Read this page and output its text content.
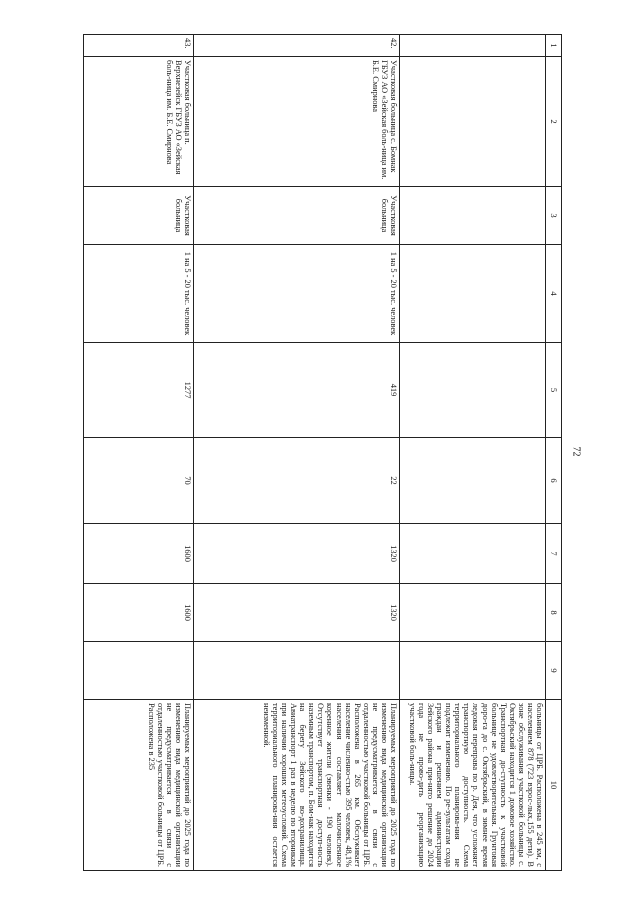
72
1	2	3	4	5	6	7	8	9	10
									больницы от ЦРБ. Расположена в 245 км, с населением 878 (723 взрос-лых,155 дети). В зоне обслуживания участковой больницы с. Октябрьский находится 1 домовое хозяйство. Транспортная до-ступность к участковой больнице не удовлетворительная. Грунтовая доро-га до с. Октябрьский, в зимнее время ледовая переправа по р. Дея, что усложняет транспортную доступность. Схема территориального планирова-ния не подлежит изменению. По ре-зультатам схода граждан и решением администрации Зейского района при-нято решение до 2024 года не прово-дить реорганизацию участковой боль-ницы.
42.	Участковая больница с. Бомнак ГБУЗ АО «Зейская боль-ница им. Б.Е. Смирнова	Участковая больница	1 на 5 - 20 тыс. человек	419	22	1320	1320		Планируемых мероприятий до 2025 года по изменению вида медицинской организации не предусматривается в связи с отдаленностью участковой больницы от ЦРБ. Расположена в 265 км. Обслуживает население численно-стью 395 человек, 48,1% населения составляет малочисленное коренное жители (эвенки - 190 человек). Отсутствует транспортная доступ-ность наземным транспортом, п. Бом-нак находится на берегу Зейского во-дохранилища. Авиатранспорт 1 раз в неделю по вторникам при наличии хороших метеоусловий. Схема территориального планирова-ния остается неизменной.
43.	Участковая больница п. Верхнезейск ГБУЗ АО «Зейская боль-ница им. Б.Е. Смирнова	Участковая больница	1 на 5 - 20 тыс. человек	1277	70	1600	1600		Планируемых мероприятий до 2025 года по изменению вида медицинской организации не предусматривается в связи с отдаленностью участковой больницы от ЦРБ. Расположена в 235
